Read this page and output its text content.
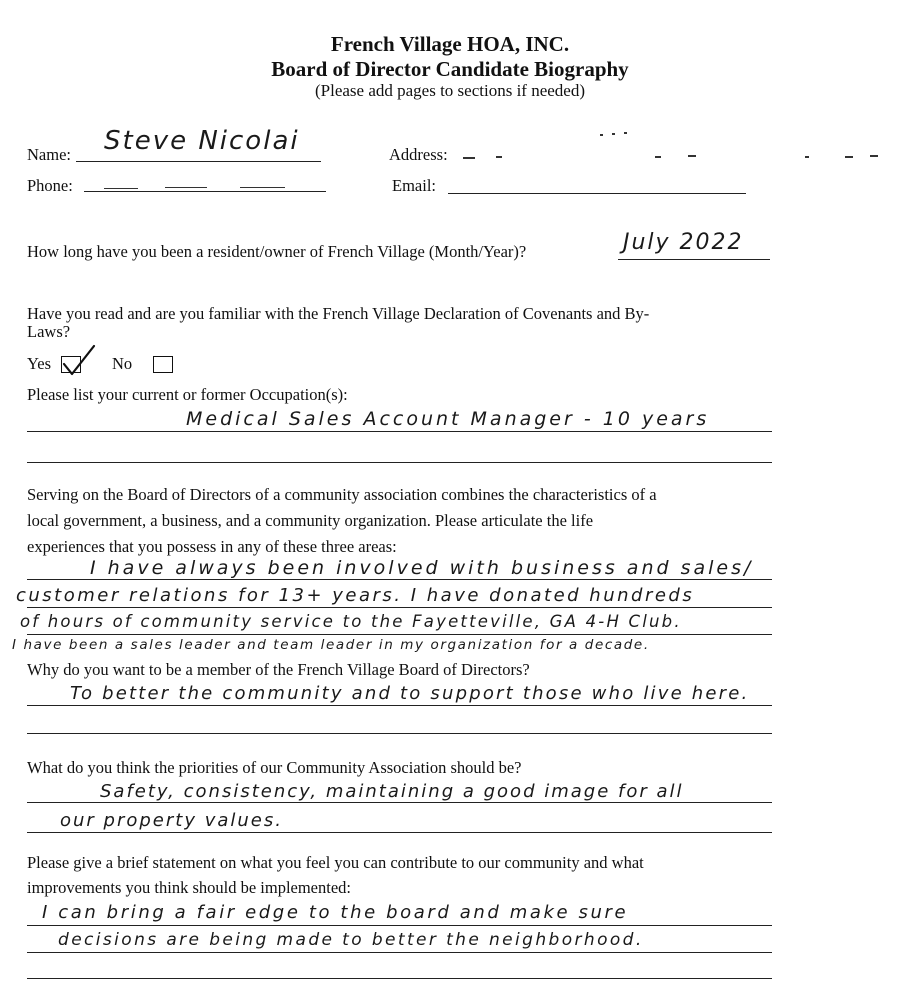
French Village HOA, INC.
Board of Director Candidate Biography
(Please add pages to sections if needed)
Name: Steve Nicolai	Address:
Phone:	Email:
How long have you been a resident/owner of French Village (Month/Year)?	July 2022
Have you read and are you familiar with the French Village Declaration of Covenants and By-
Laws?
Yes	No
Please list your current or former Occupation(s):
Medical Sales Account Manager - 10 years
Serving on the Board of Directors of a community association combines the characteristics of a
local government, a business, and a community organization. Please articulate the life
experiences that you possess in any of these three areas:
I have always been involved with business and sales/
customer relations for 13+ years. I have donated hundreds
of hours of community service to the Fayetteville, GA 4-H Club.
I have been a sales leader and team leader in my organization for a decade.
Why do you want to be a member of the French Village Board of Directors?
To better the community and to support those who live here.
What do you think the priorities of our Community Association should be?
Safety, consistency, maintaining a good image for all
our property values.
Please give a brief statement on what you feel you can contribute to our community and what
improvements you think should be implemented:
I can bring a fair edge to the board and make sure
decisions are being made to better the neighborhood.
